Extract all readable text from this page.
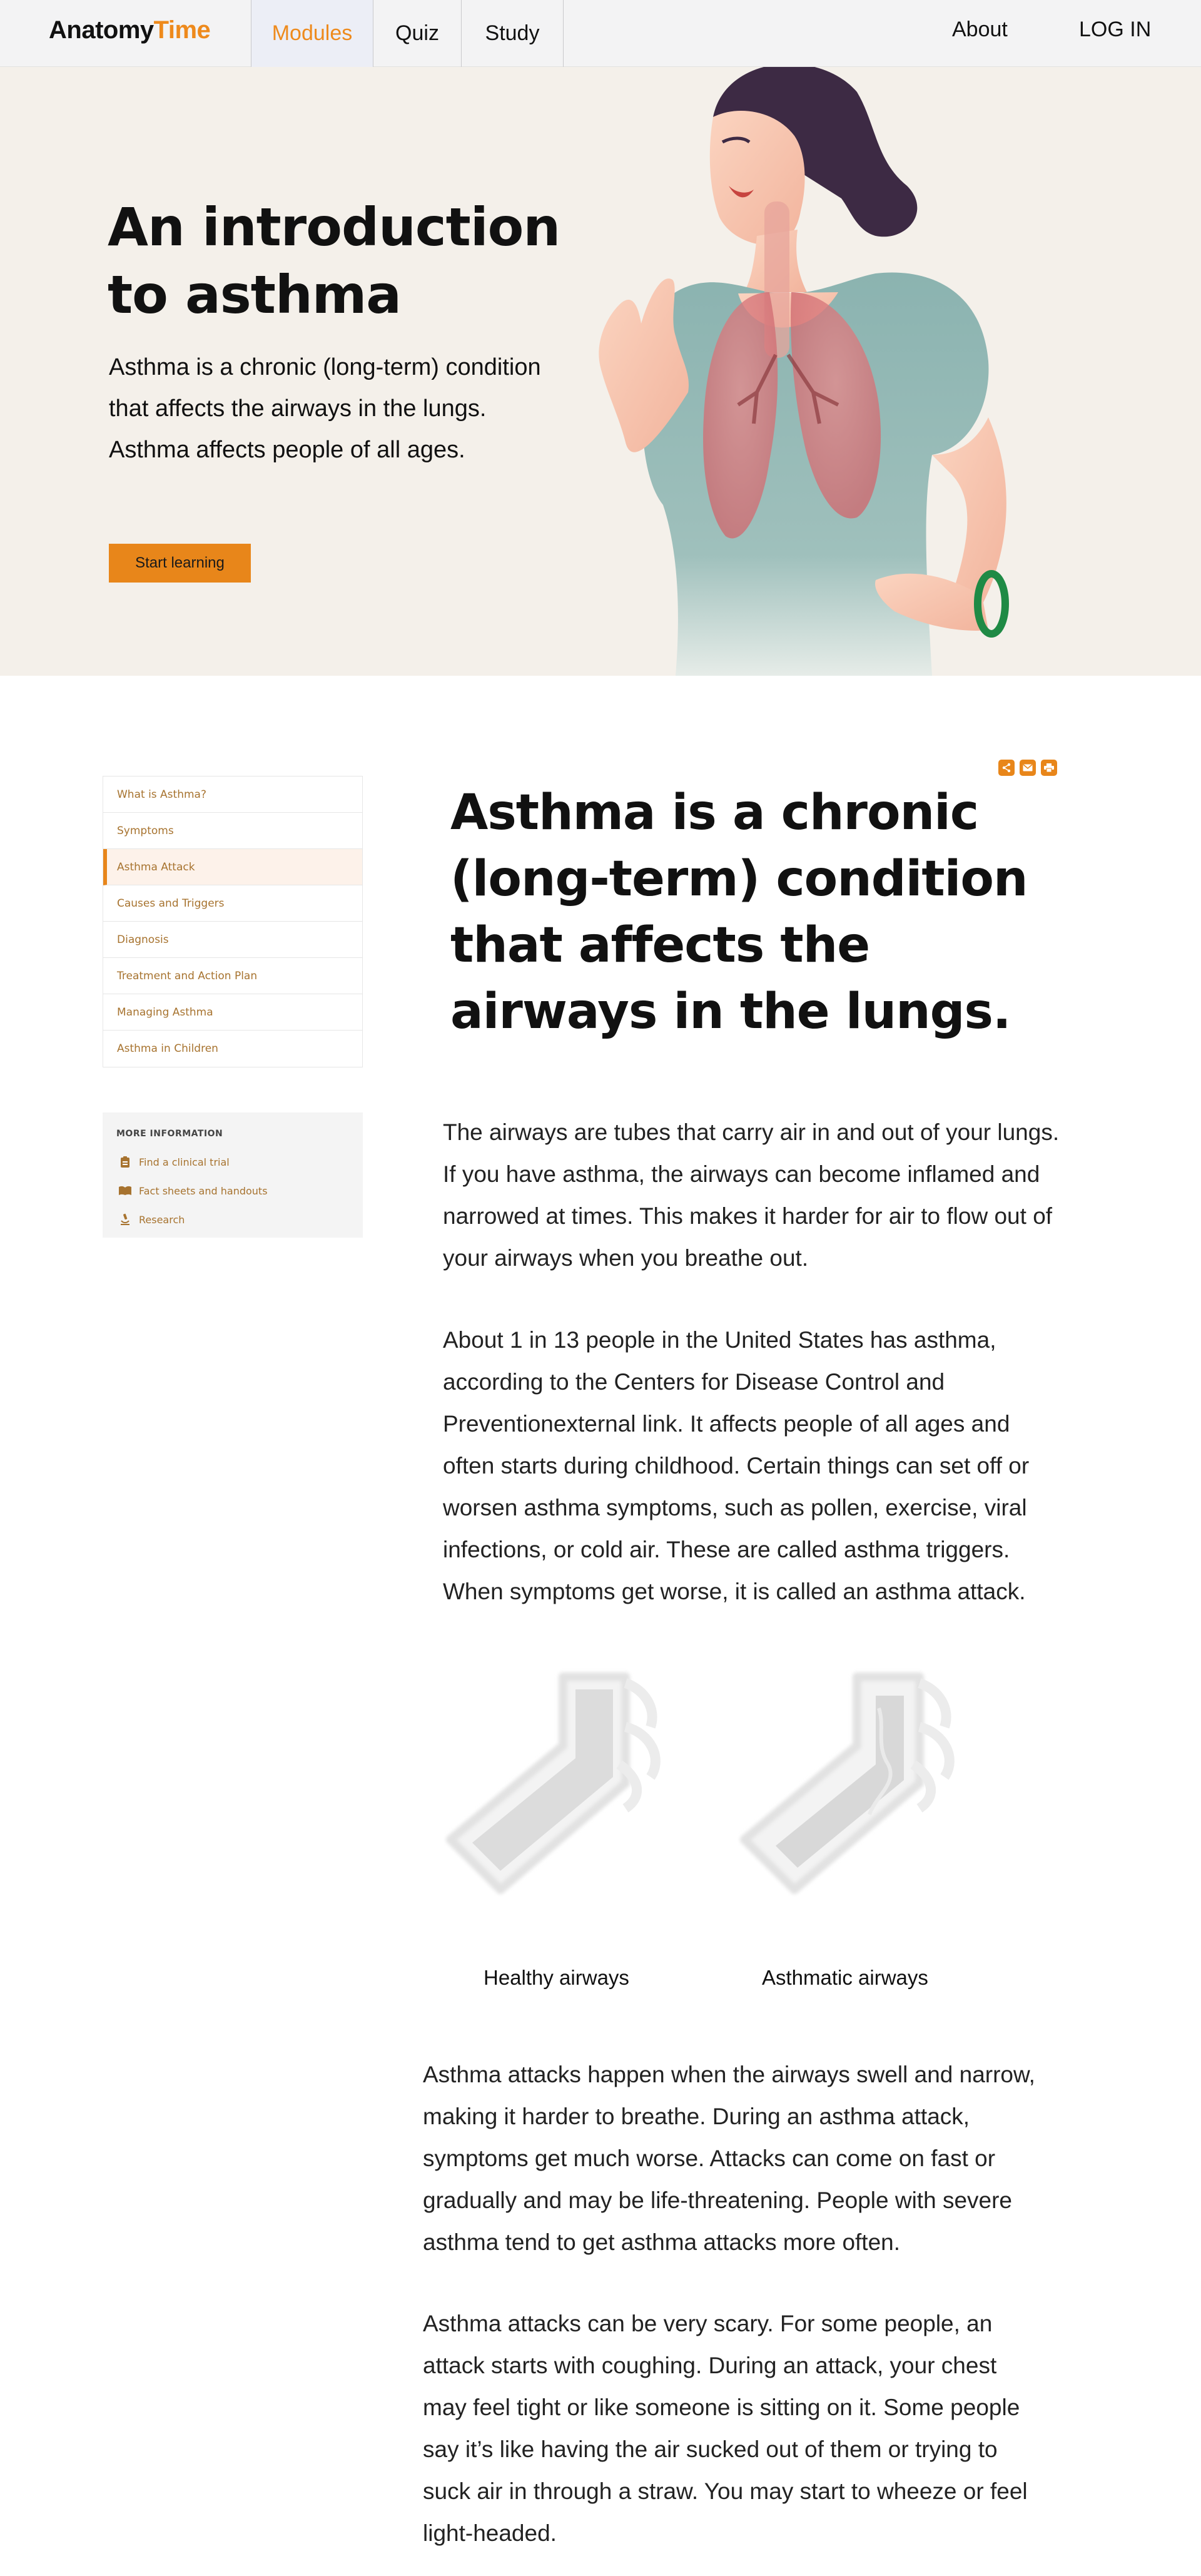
AnatomyTime	Modules	Quiz	Study	About	LOG IN
An introduction to asthma

Asthma is a chronic (long-term) condition that affects the airways in the lungs. Asthma affects people of all ages.

Start learning
What is Asthma?
Symptoms
Asthma Attack
Causes and Triggers
Diagnosis
Treatment and Action Plan
Managing Asthma
Asthma in Children
MORE INFORMATION
Find a clinical trial
Fact sheets and handouts
Research
Asthma is a chronic (long-term) condition that affects the airways in the lungs.

The airways are tubes that carry air in and out of your lungs. If you have asthma, the airways can become inflamed and narrowed at times. This makes it harder for air to flow out of your airways when you breathe out.

About 1 in 13 people in the United States has asthma, according to the Centers for Disease Control and Preventionexternal link. It affects people of all ages and often starts during childhood. Certain things can set off or worsen asthma symptoms, such as pollen, exercise, viral infections, or cold air. These are called asthma triggers. When symptoms get worse, it is called an asthma attack.

Healthy airways	Asthmatic airways

Asthma attacks happen when the airways swell and narrow, making it harder to breathe. During an asthma attack, symptoms get much worse. Attacks can come on fast or gradually and may be life-threatening. People with severe asthma tend to get asthma attacks more often.

Asthma attacks can be very scary. For some people, an attack starts with coughing. During an attack, your chest may feel tight or like someone is sitting on it. Some people say it’s like having the air sucked out of them or trying to suck air in through a straw. You may start to wheeze or feel light-headed.
